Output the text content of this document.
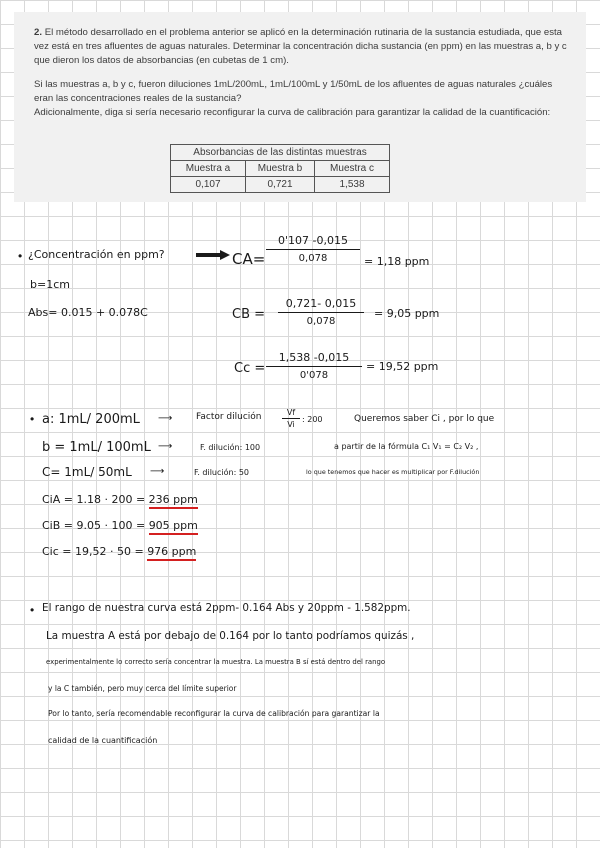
2. El método desarrollado en el problema anterior se aplicó en la determinación rutinaria de la sustancia estudiada, que esta vez está en tres afluentes de aguas naturales. Determinar la concentración dicha sustancia (en ppm) en las muestras a, b y c que dieron los datos de absorbancias (en cubetas de 1 cm).

Si las muestras a, b y c, fueron diluciones 1mL/200mL, 1mL/100mL y 1/50mL de los afluentes de aguas naturales ¿cuáles eran las concentraciones reales de la sustancia?

Adicionalmente, diga si sería necesario reconfigurar la curva de calibración para garantizar la calidad de la cuantificación:

Absorbancias de las distintas muestras		
Muestra a	Muestra b	Muestra c
0,107	0,721	1,538
• ¿Concentración en ppm?
b=1cm
Abs= 0.015 + 0.078C
$CA= \frac{0'107 -0,015}{0,078} = 1,18$ ppm
CB = $\frac{0,721- 0,015}{0,078} = 9,05$ ppm
$Cc = \frac{1,538 -0,015}{0'078} = 19,52$ ppm
• a: 1mL/ 200mL
b = 1mL/ 100mL
C= 1mL/ 50mL
⟶
⟶
⟶
Factor dilución	$\frac{Vf}{Vi}$ : 200
F. dilución: 100
F. dilución: 50
Queremos saber Ci , por lo que
a partir de la fórmula C₁ V₁ = C₂ V₂ ,
lo que tenemos que hacer es multiplicar por F.dilución
CiA = 1.18 · 200 = 236 ppm
CiB = 9.05 · 100 = 905 ppm
Cic = 19,52 · 50 = 976 ppm
• El rango de nuestra curva está 2ppm- 0.164 Abs y 20ppm - 1.582ppm.
La muestra A está por debajo de 0.164 por lo tanto podríamos quizás ,
experimentalmente lo correcto sería concentrar la muestra. La muestra B sí está dentro del rango
y la C también, pero muy cerca del límite superior
Por lo tanto, sería recomendable reconfigurar la curva de calibración para garantizar la
calidad de la cuantificación
